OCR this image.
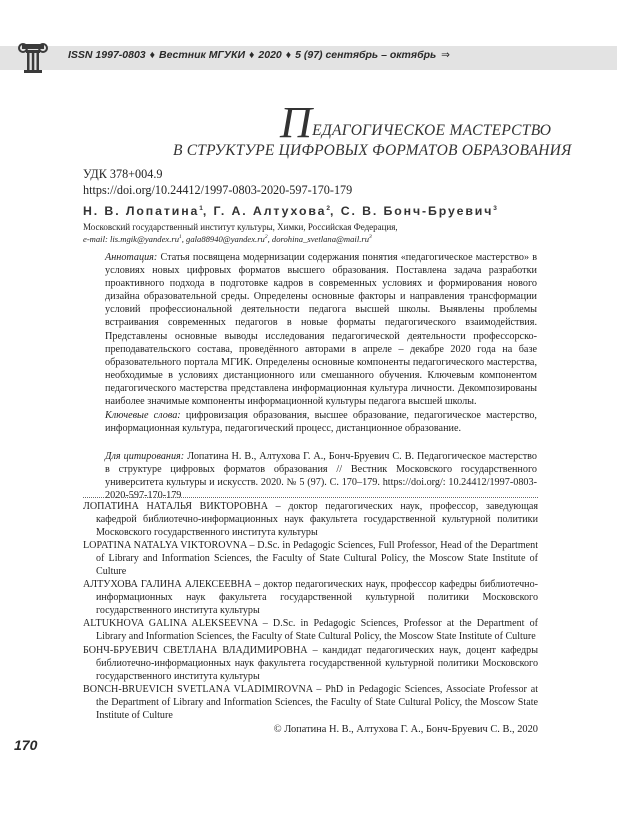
ISSN 1997-0803 ♦ Вестник МГУКИ ♦ 2020 ♦ 5 (97) сентябрь – октябрь ⇒
ПЕДАГОГИЧЕСКОЕ МАСТЕРСТВО
В СТРУКТУРЕ ЦИФРОВЫХ ФОРМАТОВ ОБРАЗОВАНИЯ
УДК 378+004.9
https://doi.org/10.24412/1997-0803-2020-597-170-179
Н. В. Лопатина$^1$, Г. А. Алтухова$^2$, С. В. Бонч-Бруевич$^3$
Московский государственный институт культуры, Химки, Российская Федерация,
e-mail: $lis.mgik@yandex.ru^1$, $gala88940@yandex.ru^2$, $dorohina\_svetlana@mail.ru^3$
Аннотация: Статья посвящена модернизации содержания понятия «педагогическое мастерство» в условиях новых цифровых форматов высшего образования. Поставлена задача разработки проактивного подхода в подготовке кадров в современных условиях и формирования нового дизайна образовательной среды. Определены основные факторы и направления трансформации условий профессиональной деятельности педагога высшей школы. Выявлены проблемы встраивания современных педагогов в новые форматы педагогического взаимодействия. Представлены основные выводы исследования педагогической деятельности профессорско-преподавательского состава, проведённого авторами в апреле – декабре 2020 года на базе образовательного портала МГИК. Определены основные компоненты педагогического мастерства, необходимые в условиях дистанционного или смешанного обучения. Ключевым компонентом педагогического мастерства представлена информационная культура личности. Декомпозированы наиболее значимые компоненты информационной культуры педагога высшей школы.
Ключевые слова: цифровизация образования, высшее образование, педагогическое мастерство, информационная культура, педагогический процесс, дистанционное образование.
Для цитирования: Лопатина Н. В., Алтухова Г. А., Бонч-Бруевич С. В. Педагогическое мастерство в структуре цифровых форматов образования // Вестник Московского государственного университета культуры и искусств. 2020. № 5 (97). С. 170–179. https://doi.org/: 10.24412/1997-0803-2020-597-170-179
ЛОПАТИНА НАТАЛЬЯ ВИКТОРОВНА – доктор педагогических наук, профессор, заведующая кафедрой библиотечно-информационных наук факультета государственной культурной политики Московского государственного института культуры
LOPATINA NATALYA VIKTOROVNA – D.Sc. in Pedagogic Sciences, Full Professor, Head of the Department of Library and Information Sciences, the Faculty of State Cultural Policy, the Moscow State Institute of Culture
АЛТУХОВА ГАЛИНА АЛЕКСЕЕВНА – доктор педагогических наук, профессор кафедры библиотечно-информационных наук факультета государственной культурной политики Московского государственного института культуры
ALTUKHOVA GALINA ALEKSEEVNA – D.Sc. in Pedagogic Sciences, Professor at the Department of Library and Information Sciences, the Faculty of State Cultural Policy, the Moscow State Institute of Culture
БОНЧ-БРУЕВИЧ СВЕТЛАНА ВЛАДИМИРОВНА – кандидат педагогических наук, доцент кафедры библиотечно-информационных наук факультета государственной культурной политики Московского государственного института культуры
BONCH-BRUEVICH SVETLANA VLADIMIROVNA – PhD in Pedagogic Sciences, Associate Professor at the Department of Library and Information Sciences, the Faculty of State Cultural Policy, the Moscow State Institute of Culture
© Лопатина Н. В., Алтухова Г. А., Бонч-Бруевич С. В., 2020
170
